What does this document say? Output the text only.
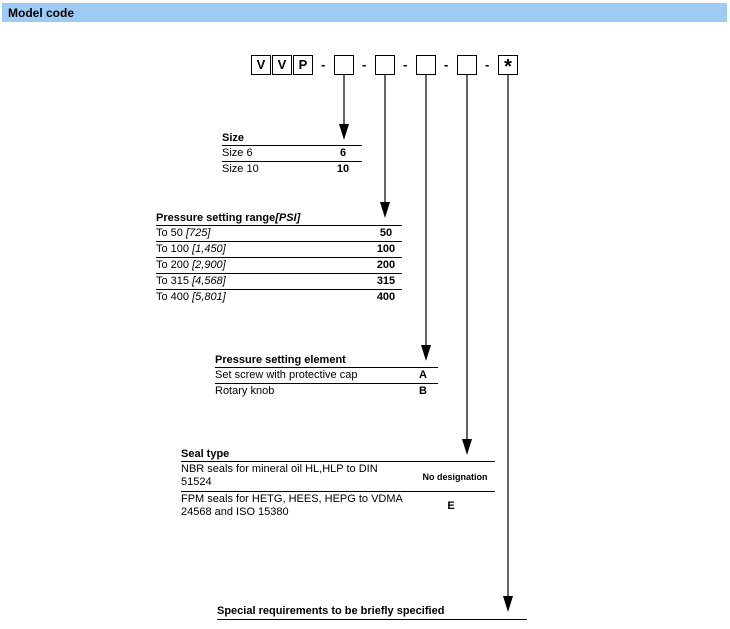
Model code
V V P	-	-	-	-	- *
Size
Size 6	6
Size 10	10
Pressure setting range[PSI]
To 50 [725]	50
To 100 [1,450]	100
To 200 [2,900]	200
To 315 [4,568]	315
To 400 [5,801]	400
Pressure setting element
Set screw with protective cap	A
Rotary knob	B
Seal type
NBR seals for mineral oil HL,HLP to DIN
51524	No designation
FPM seals for HETG, HEES, HEPG to VDMA
24568 and ISO 15380	E
Special requirements to be briefly specified
